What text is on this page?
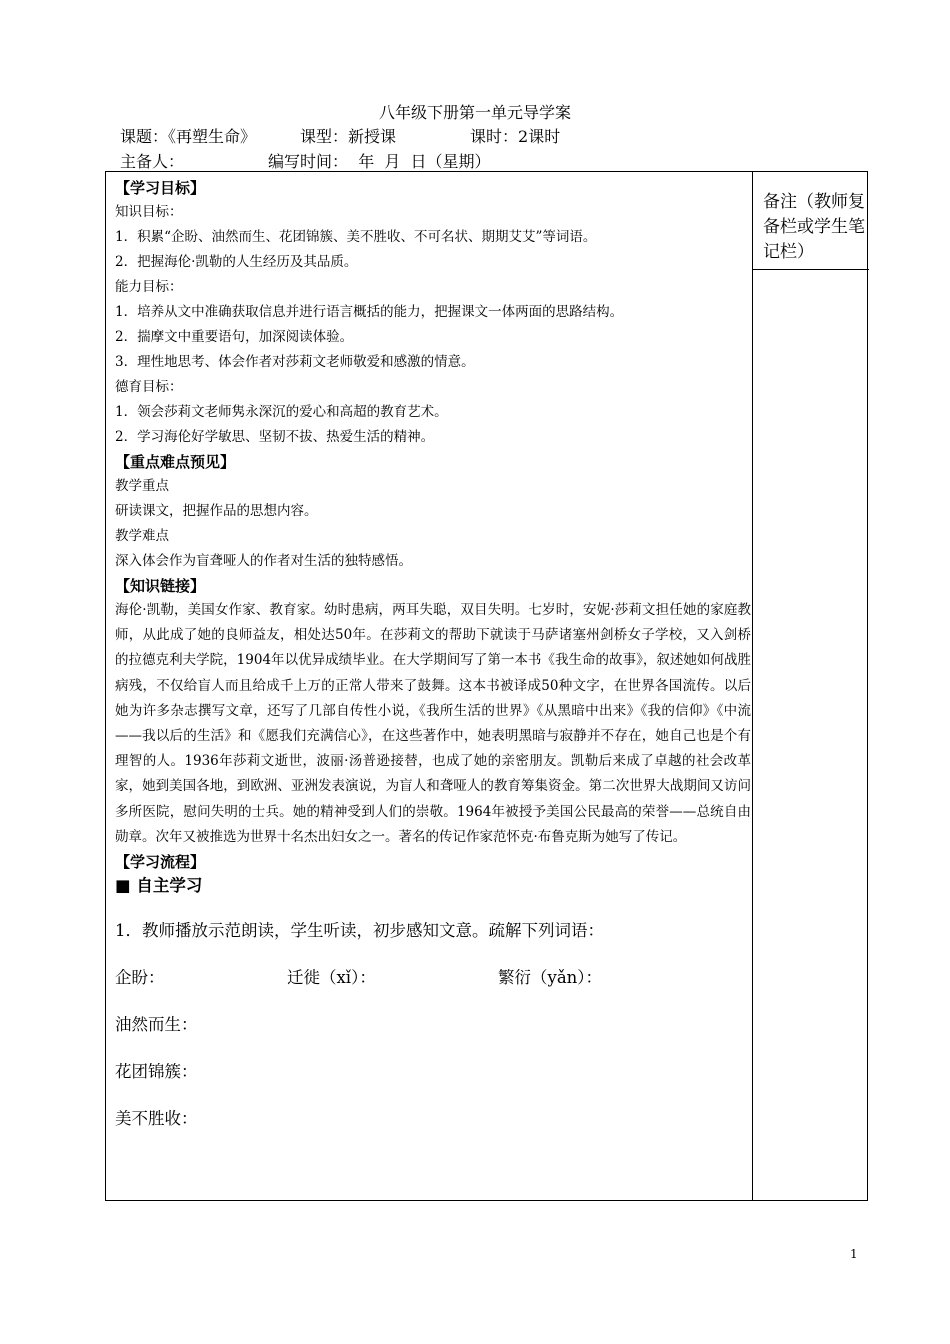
八年级下册第一单元导学案
课题：《再塑生命》	课型：新授课	课时：2课时
主备人：	编写时间：  年  月  日（星期）
备注（教师复备栏或学生笔记栏）
【学习目标】
知识目标：
1．积累“企盼、油然而生、花团锦簇、美不胜收、不可名状、期期艾艾”等词语。
2．把握海伦·凯勒的人生经历及其品质。
能力目标：
1．培养从文中准确获取信息并进行语言概括的能力，把握课文一体两面的思路结构。
2．揣摩文中重要语句，加深阅读体验。
3．理性地思考、体会作者对莎莉文老师敬爱和感激的情意。
德育目标：
1．领会莎莉文老师隽永深沉的爱心和高超的教育艺术。
2．学习海伦好学敏思、坚韧不拔、热爱生活的精神。
【重点难点预见】
教学重点
研读课文，把握作品的思想内容。
教学难点
深入体会作为盲聋哑人的作者对生活的独特感悟。
【知识链接】
海伦·凯勒，美国女作家、教育家。幼时患病，两耳失聪，双目失明。七岁时，安妮·莎莉文担任她的家庭教师，从此成了她的良师益友，相处达50年。在莎莉文的帮助下就读于马萨诸塞州剑桥女子学校，又入剑桥的拉德克利夫学院，1904年以优异成绩毕业。在大学期间写了第一本书《我生命的故事》，叙述她如何战胜病残，不仅给盲人而且给成千上万的正常人带来了鼓舞。这本书被译成50种文字，在世界各国流传。以后她为许多杂志撰写文章，还写了几部自传性小说，《我所生活的世界》《从黑暗中出来》《我的信仰》《中流——我以后的生活》和《愿我们充满信心》，在这些著作中，她表明黑暗与寂静并不存在，她自己也是个有理智的人。1936年莎莉文逝世，波丽·汤普逊接替，也成了她的亲密朋友。凯勒后来成了卓越的社会改革家，她到美国各地，到欧洲、亚洲发表演说，为盲人和聋哑人的教育筹集资金。第二次世界大战期间又访问多所医院，慰问失明的士兵。她的精神受到人们的崇敬。1964年被授予美国公民最高的荣誉——总统自由勋章。次年又被推选为世界十名杰出妇女之一。著名的传记作家范怀克·布鲁克斯为她写了传记。
【学习流程】
■ 自主学习
1．教师播放示范朗读，学生听读，初步感知文意。疏解下列词语：
企盼：	迁徙（xǐ）：	繁衍（yǎn）：
油然而生：
花团锦簇：
美不胜收：
1
